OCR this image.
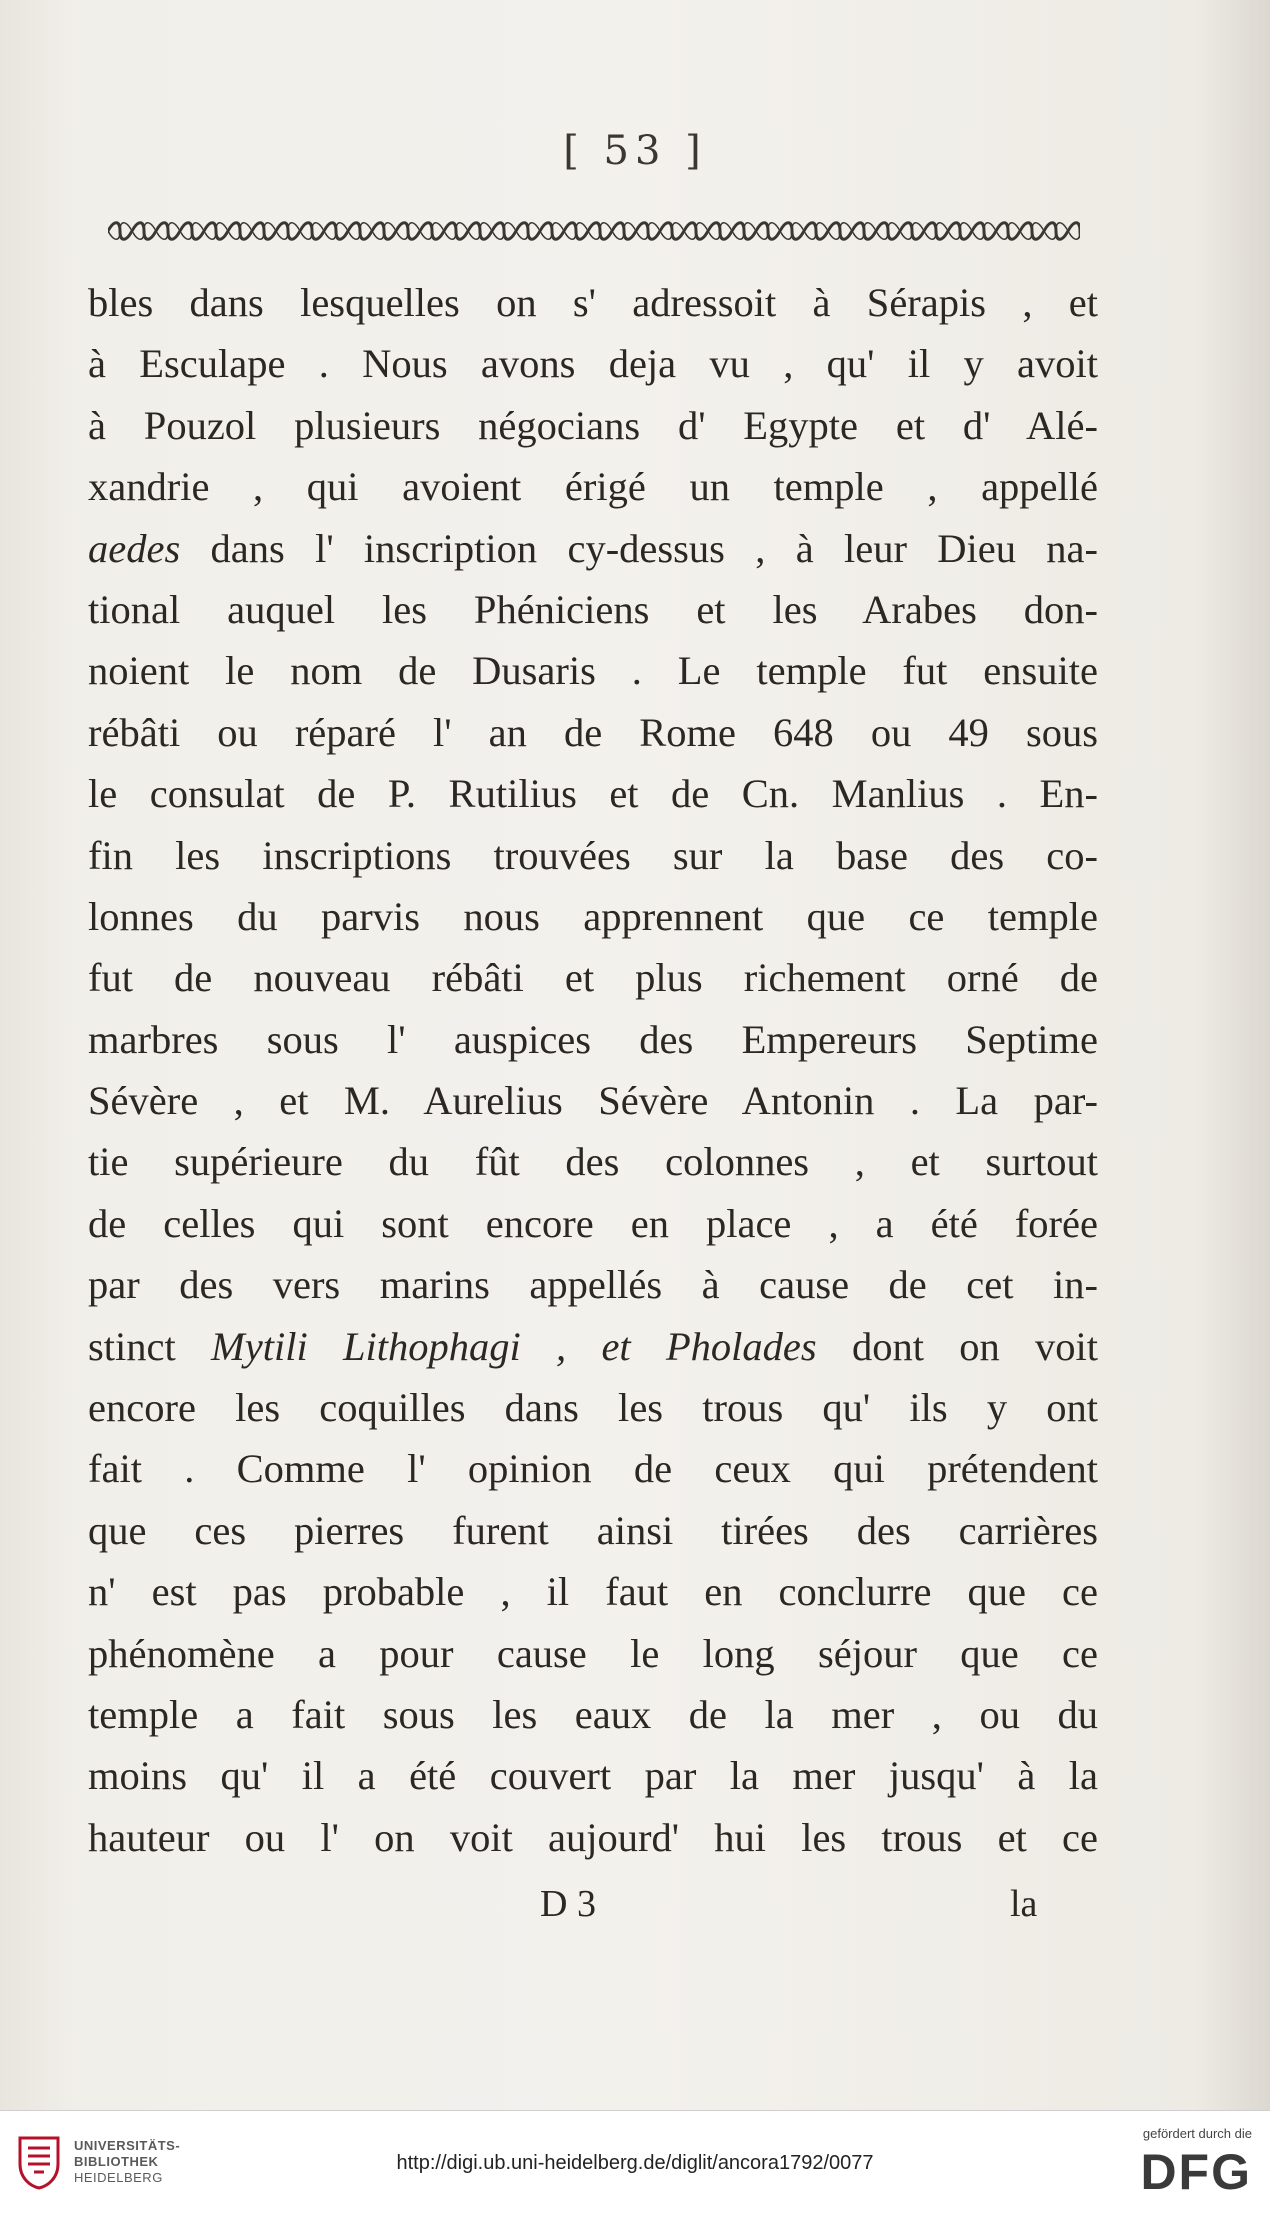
[ 53 ]
bles dans lesquelles on s' adressoit à Sérapis , et
à Esculape . Nous avons deja vu , qu' il y avoit
à Pouzol plusieurs négocians d' Egypte et d' Alé-
xandrie , qui avoient érigé un temple , appellé
aedes dans l' inscription cy-dessus , à leur Dieu na-
tional auquel les Phéniciens et les Arabes don-
noient le nom de Dusaris . Le temple fut ensuite
rébâti ou réparé l' an de Rome 648 ou 49 sous
le consulat de P. Rutilius et de Cn. Manlius . En-
fin les inscriptions trouvées sur la base des co-
lonnes du parvis nous apprennent que ce temple
fut de nouveau rébâti et plus richement orné de
marbres sous l' auspices des Empereurs Septime
Sévère , et M. Aurelius Sévère Antonin . La par-
tie supérieure du fût des colonnes , et surtout
de celles qui sont encore en place , a été forée
par des vers marins appellés à cause de cet in-
stinct Mytili Lithophagi , et Pholades dont on voit
encore les coquilles dans les trous qu' ils y ont
fait . Comme l' opinion de ceux qui prétendent
que ces pierres furent ainsi tirées des carrières
n' est pas probable , il faut en conclurre que ce
phénomène a pour cause le long séjour que ce
temple a fait sous les eaux de la mer , ou du
moins qu' il a été couvert par la mer jusqu' à la
hauteur ou l' on voit aujourd' hui les trous et ce
D 3	la
UNIVERSITÄTS-
BIBLIOTHEK
HEIDELBERG
http://digi.ub.uni-heidelberg.de/diglit/ancora1792/0077
gefördert durch die
DFG
